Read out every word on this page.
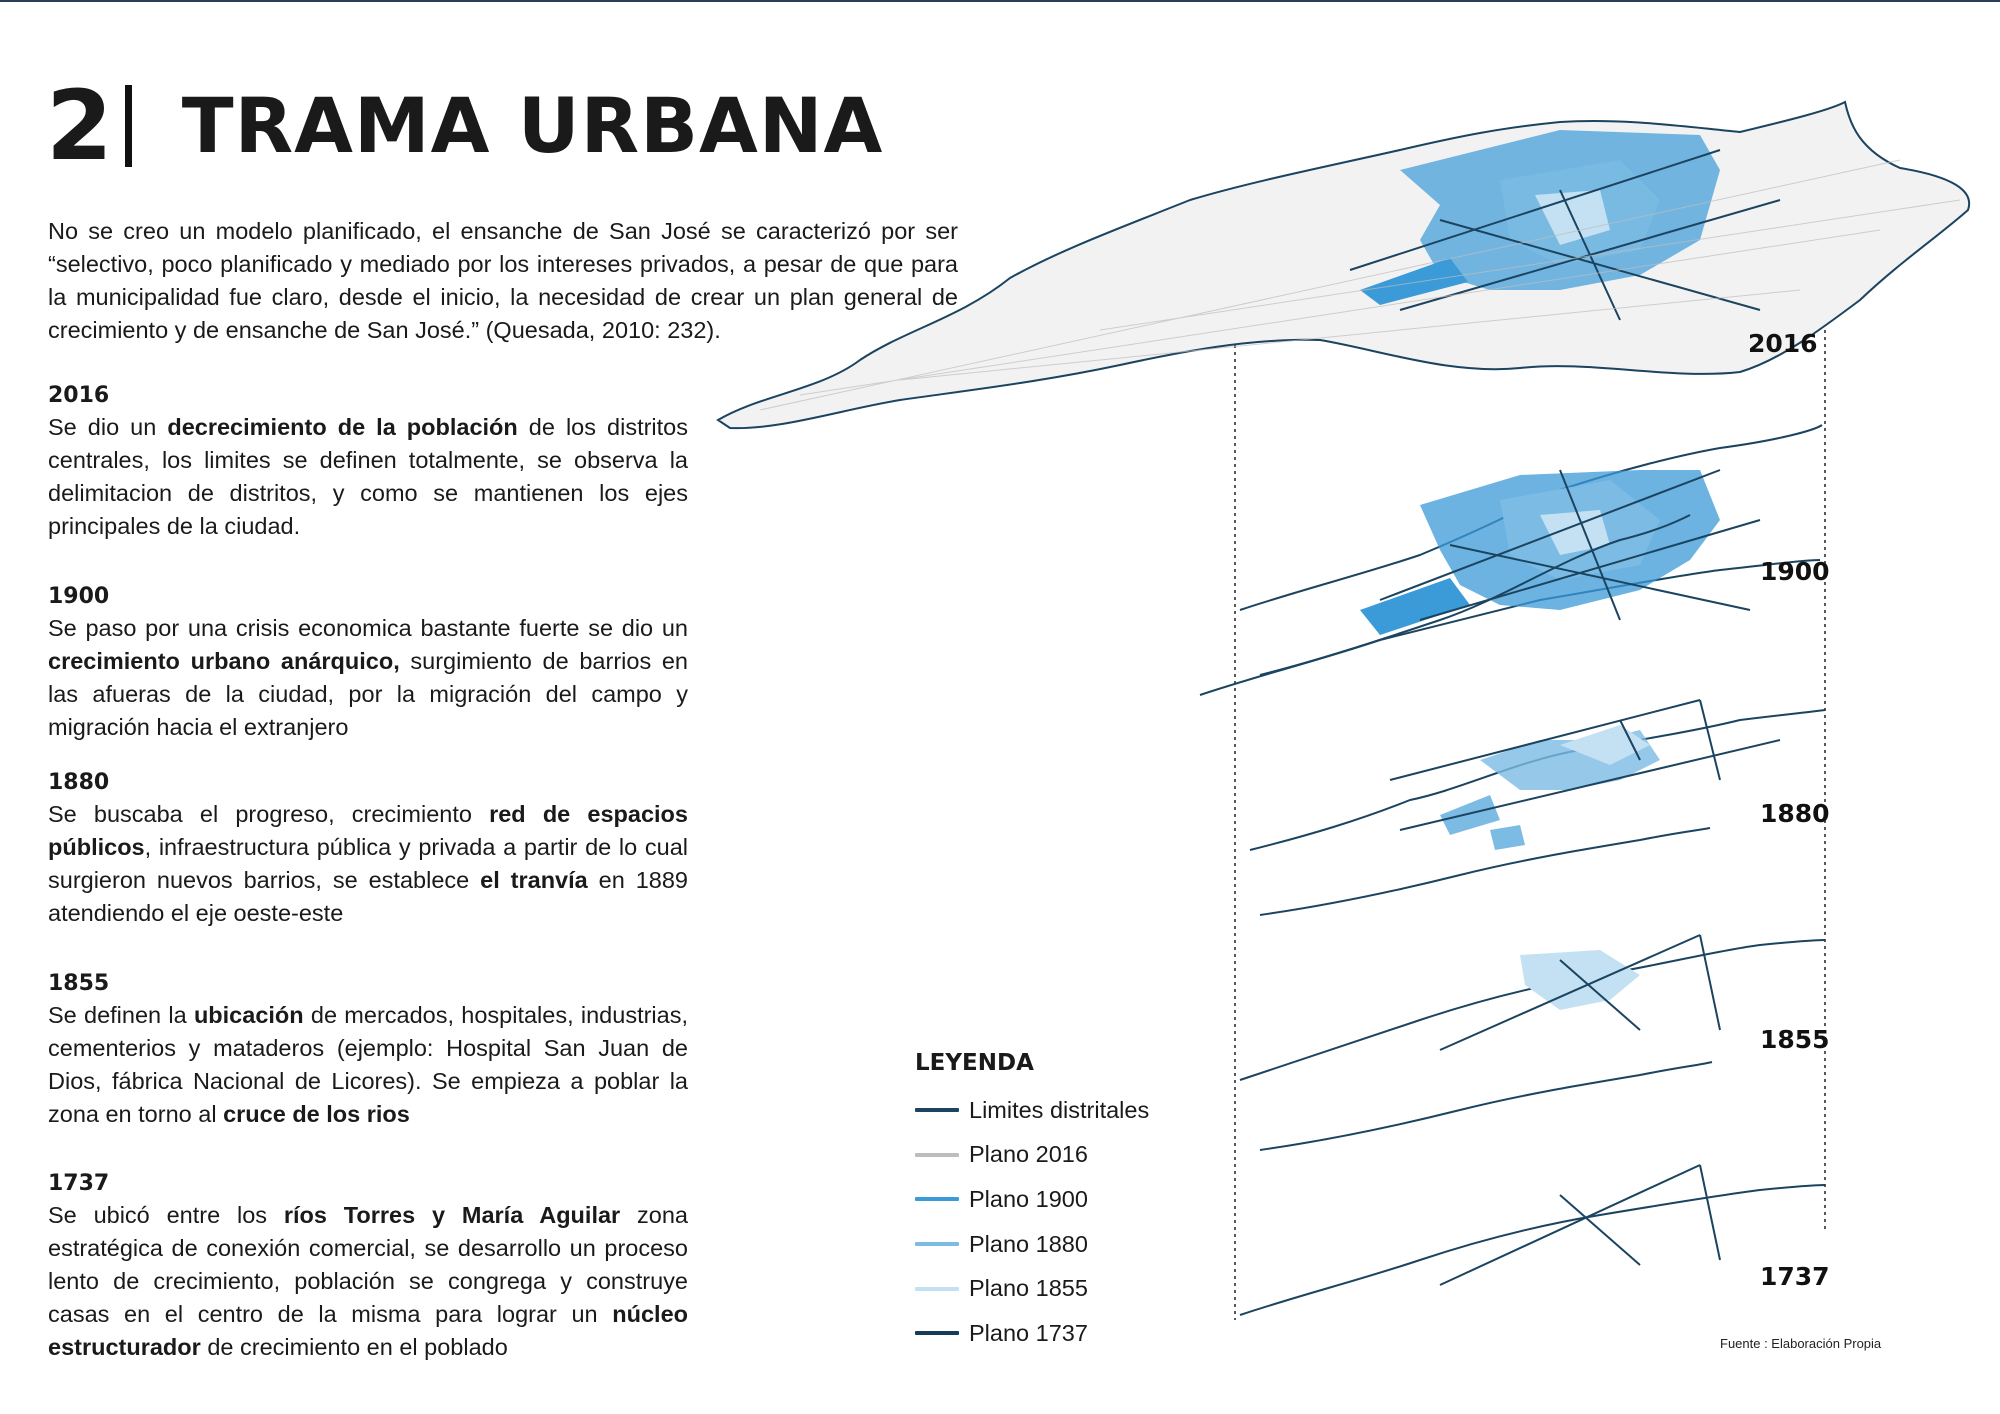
2 TRAMA URBANA
No se creo un modelo planificado, el ensanche de San José se caracterizó por ser “selectivo, poco planificado y mediado por los intereses privados, a pesar de que para la municipalidad fue claro, desde el inicio, la necesidad de crear un plan general de crecimiento y de ensanche de San José.” (Quesada, 2010: 232).
2016
Se dio un decrecimiento de la población de los distritos centrales, los limites se definen totalmente, se observa la delimitacion de distritos, y como se mantienen los ejes principales de la ciudad.
1900
Se paso por una crisis economica bastante fuerte se dio un crecimiento urbano anárquico, surgimiento de barrios en las afueras de la ciudad, por la migración del campo y migración hacia el extranjero
1880
Se buscaba el progreso, crecimiento red de espacios públicos, infraestructura pública y privada a partir de lo cual surgieron nuevos barrios, se establece el tranvía en 1889 atendiendo el eje oeste-este
1855
Se definen la ubicación de mercados, hospitales, industrias, cementerios y mataderos (ejemplo: Hospital San Juan de Dios, fábrica Nacional de Licores). Se empieza a poblar la zona en torno al cruce de los rios
1737
Se ubicó entre los ríos Torres y María Aguilar zona estratégica de conexión comercial, se desarrollo un proceso lento de crecimiento, población se congrega y construye casas en el centro de la misma para lograr un núcleo estructurador de crecimiento en el poblado
2016
1900
1880
1855
1737
LEYENDA
Limites distritales
Plano 2016
Plano 1900
Plano 1880
Plano 1855
Plano 1737	Fuente : Elaboración Propia
